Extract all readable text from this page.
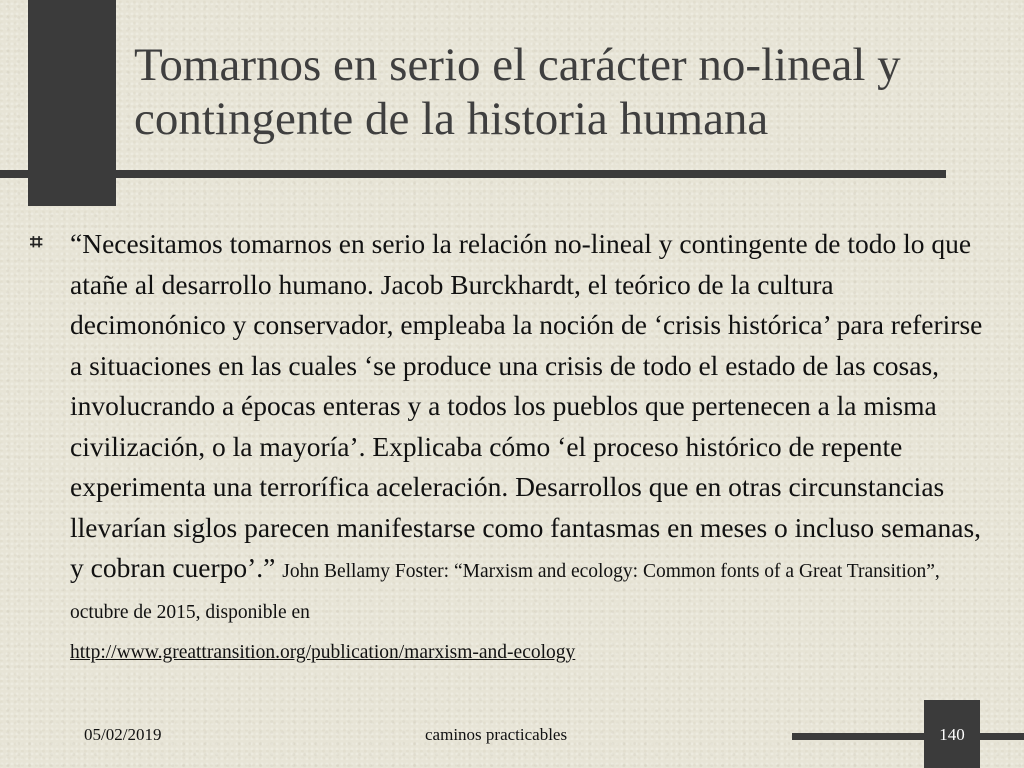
Tomarnos en serio el carácter no-lineal y
contingente de la historia humana
⌗	“Necesitamos tomarnos en serio la relación no-lineal y contingente de todo lo que atañe al desarrollo humano. Jacob Burckhardt, el teórico de la cultura decimonónico y conservador, empleaba la noción de ‘crisis histórica’ para referirse a situaciones en las cuales ‘se produce una crisis de todo el estado de las cosas, involucrando a épocas enteras y a todos los pueblos que pertenecen a la misma civilización, o la mayoría’. Explicaba cómo ‘el proceso histórico de repente experimenta una terrorífica aceleración. Desarrollos que en otras circunstancias llevarían siglos parecen manifestarse como fantasmas en meses o incluso semanas, y cobran cuerpo’.” John Bellamy Foster: “Marxism and ecology: Common fonts of a Great Transition”, octubre de 2015, disponible en
http://www.greattransition.org/publication/marxism-and-ecology
05/02/2019	caminos practicables	140
